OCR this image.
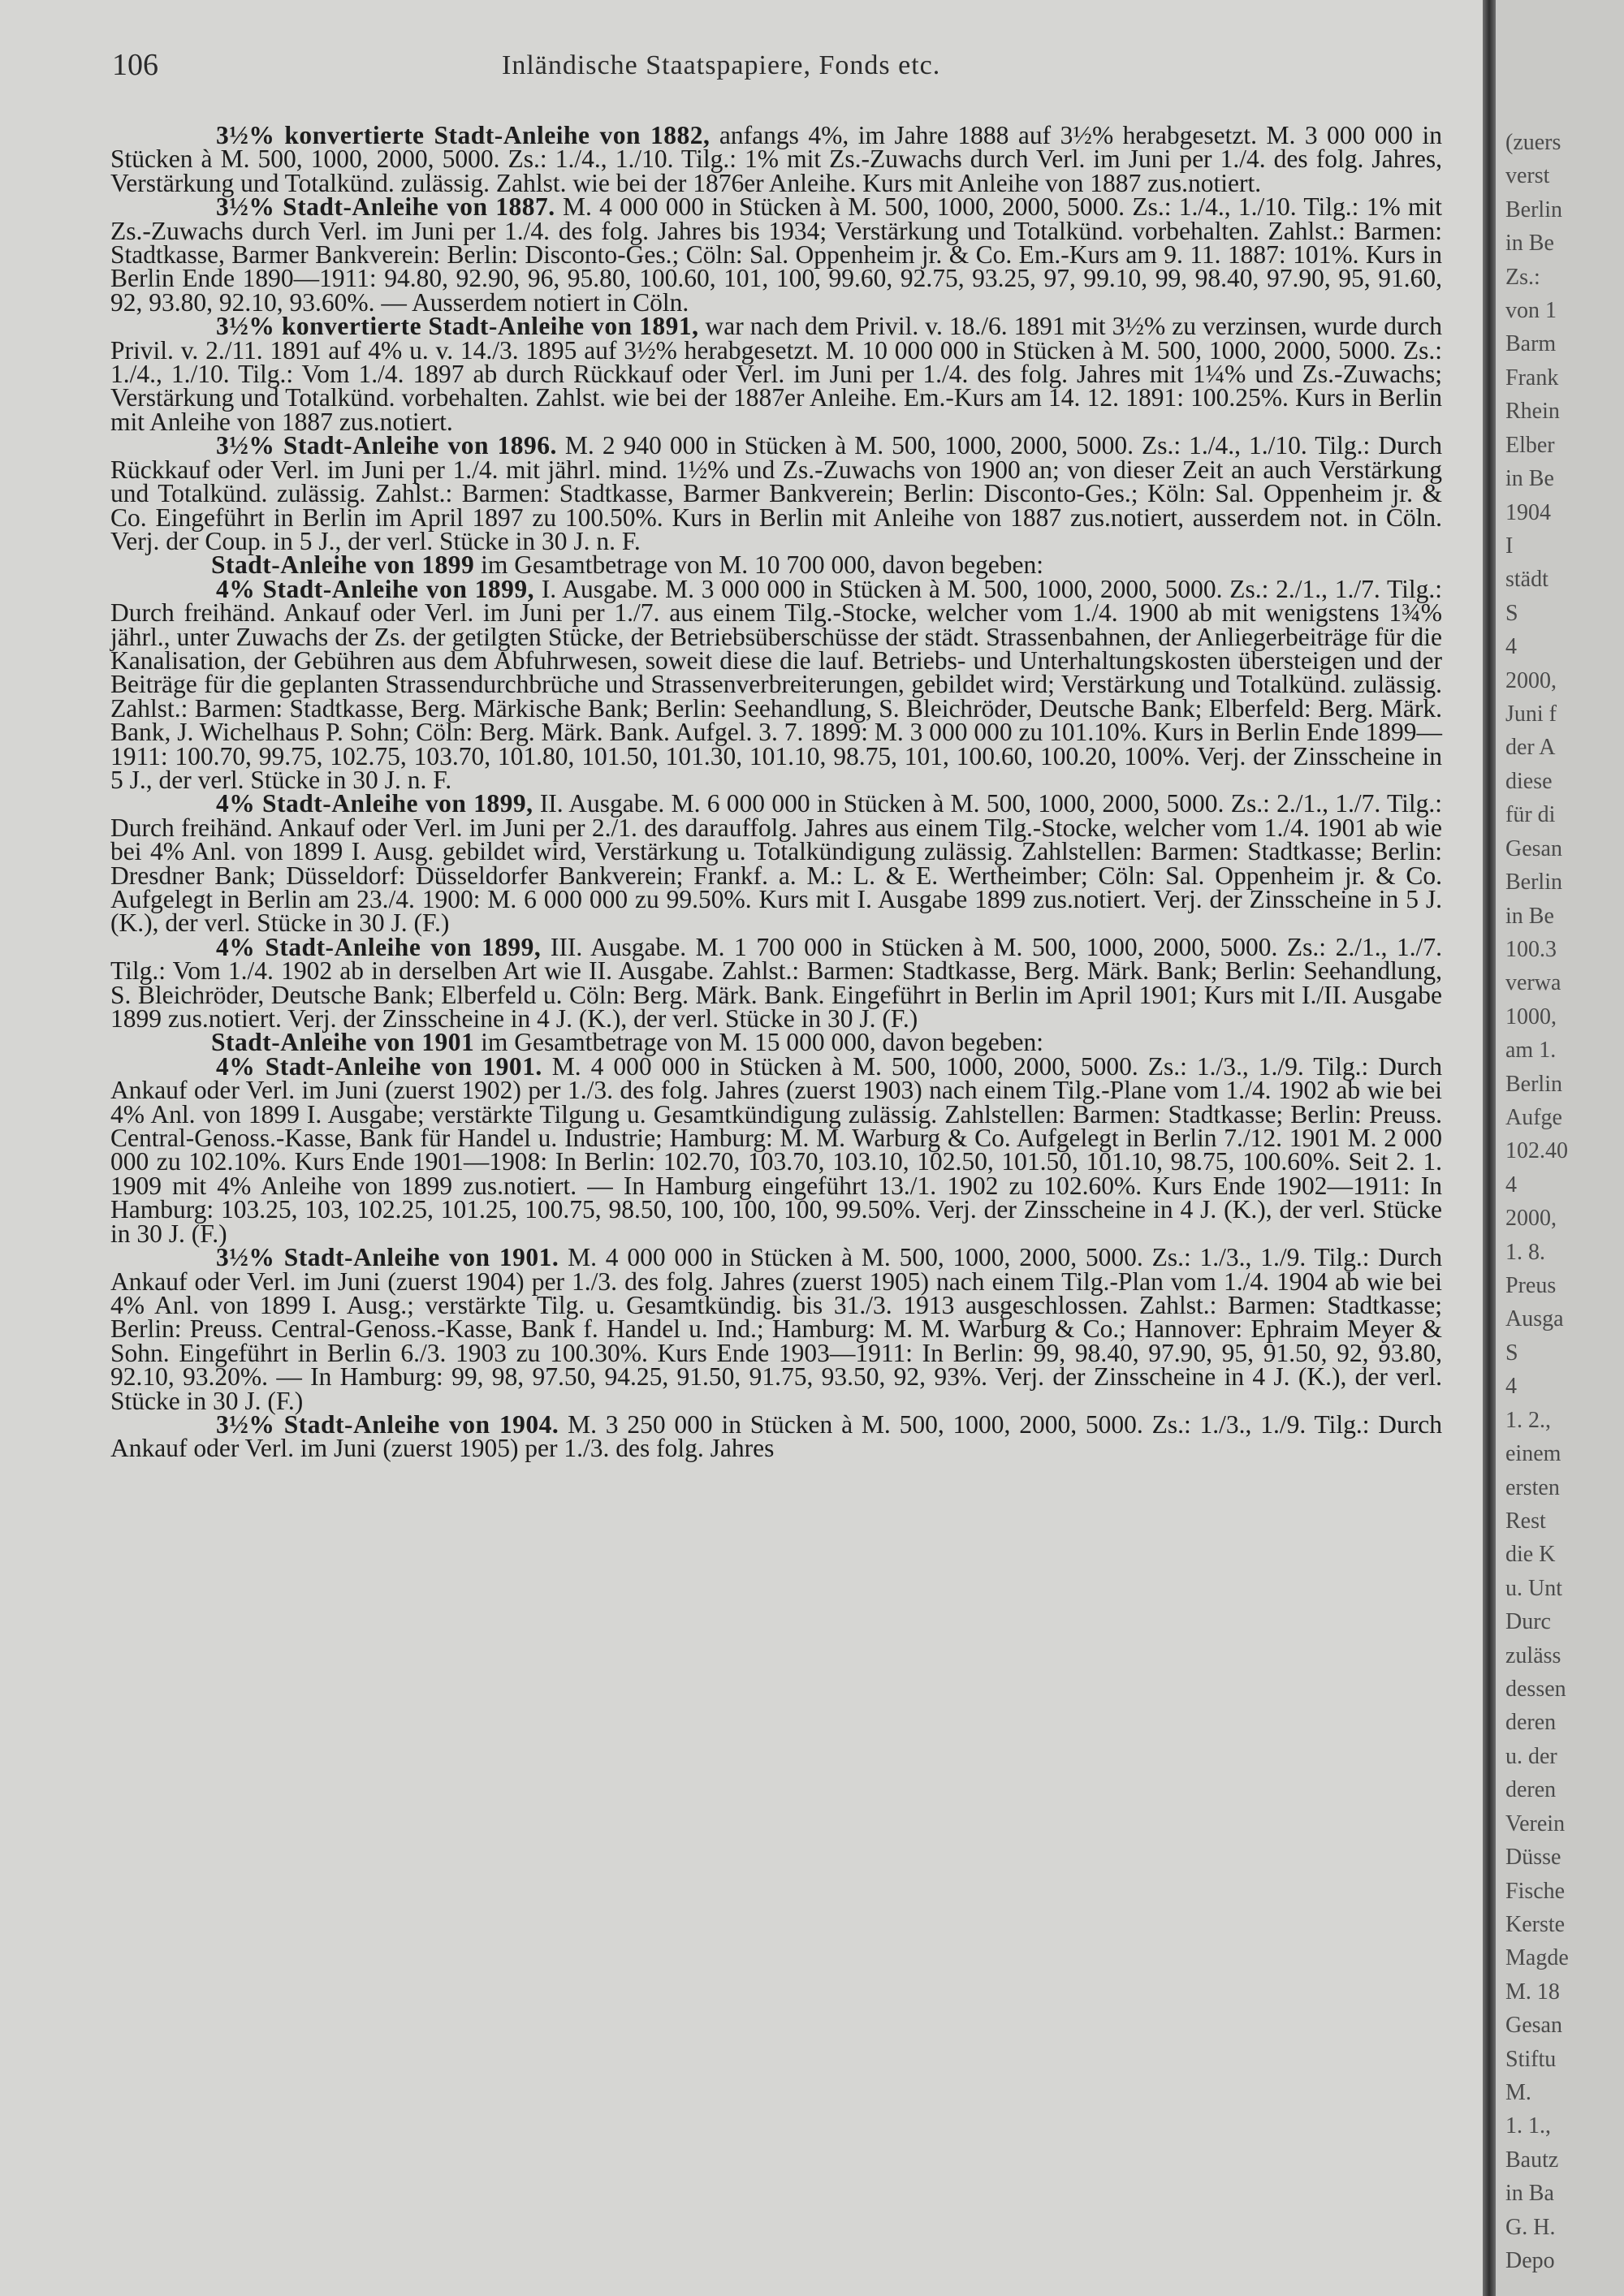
106	Inländische Staatspapiere, Fonds etc.

3½% konvertierte Stadt-Anleihe von 1882, anfangs 4%, im Jahre 1888 auf 3½% herabgesetzt. M. 3 000 000 in Stücken à M. 500, 1000, 2000, 5000. Zs.: 1./4., 1./10. Tilg.: 1% mit Zs.-Zuwachs durch Verl. im Juni per 1./4. des folg. Jahres, Verstärkung und Totalkünd. zulässig. Zahlst. wie bei der 1876er Anleihe. Kurs mit Anleihe von 1887 zus.notiert.

3½% Stadt-Anleihe von 1887. M. 4 000 000 in Stücken à M. 500, 1000, 2000, 5000. Zs.: 1./4., 1./10. Tilg.: 1% mit Zs.-Zuwachs durch Verl. im Juni per 1./4. des folg. Jahres bis 1934; Verstärkung und Totalkünd. vorbehalten. Zahlst.: Barmen: Stadtkasse, Barmer Bankverein: Berlin: Disconto-Ges.; Cöln: Sal. Oppenheim jr. & Co. Em.-Kurs am 9. 11. 1887: 101%. Kurs in Berlin Ende 1890—1911: 94.80, 92.90, 96, 95.80, 100.60, 101, 100, 99.60, 92.75, 93.25, 97, 99.10, 99, 98.40, 97.90, 95, 91.60, 92, 93.80, 92.10, 93.60%. — Ausserdem notiert in Cöln.

3½% konvertierte Stadt-Anleihe von 1891, war nach dem Privil. v. 18./6. 1891 mit 3½% zu verzinsen, wurde durch Privil. v. 2./11. 1891 auf 4% u. v. 14./3. 1895 auf 3½% herabgesetzt. M. 10 000 000 in Stücken à M. 500, 1000, 2000, 5000. Zs.: 1./4., 1./10. Tilg.: Vom 1./4. 1897 ab durch Rückkauf oder Verl. im Juni per 1./4. des folg. Jahres mit 1¼% und Zs.-Zuwachs; Verstärkung und Totalkünd. vorbehalten. Zahlst. wie bei der 1887er Anleihe. Em.-Kurs am 14. 12. 1891: 100.25%. Kurs in Berlin mit Anleihe von 1887 zus.notiert.

3½% Stadt-Anleihe von 1896. M. 2 940 000 in Stücken à M. 500, 1000, 2000, 5000. Zs.: 1./4., 1./10. Tilg.: Durch Rückkauf oder Verl. im Juni per 1./4. mit jährl. mind. 1½% und Zs.-Zuwachs von 1900 an; von dieser Zeit an auch Verstärkung und Totalkünd. zulässig. Zahlst.: Barmen: Stadtkasse, Barmer Bankverein; Berlin: Disconto-Ges.; Köln: Sal. Oppenheim jr. & Co. Eingeführt in Berlin im April 1897 zu 100.50%. Kurs in Berlin mit Anleihe von 1887 zus.notiert, ausserdem not. in Cöln. Verj. der Coup. in 5 J., der verl. Stücke in 30 J. n. F.

Stadt-Anleihe von 1899 im Gesamtbetrage von M. 10 700 000, davon begeben:

4% Stadt-Anleihe von 1899, I. Ausgabe. M. 3 000 000 in Stücken à M. 500, 1000, 2000, 5000. Zs.: 2./1., 1./7. Tilg.: Durch freihänd. Ankauf oder Verl. im Juni per 1./7. aus einem Tilg.-Stocke, welcher vom 1./4. 1900 ab mit wenigstens 1¾% jährl., unter Zuwachs der Zs. der getilgten Stücke, der Betriebsüberschüsse der städt. Strassenbahnen, der Anliegerbeiträge für die Kanalisation, der Gebühren aus dem Abfuhrwesen, soweit diese die lauf. Betriebs- und Unterhaltungskosten übersteigen und der Beiträge für die geplanten Strassendurchbrüche und Strassenverbreiterungen, gebildet wird; Verstärkung und Totalkünd. zulässig. Zahlst.: Barmen: Stadtkasse, Berg. Märkische Bank; Berlin: Seehandlung, S. Bleichröder, Deutsche Bank; Elberfeld: Berg. Märk. Bank, J. Wichelhaus P. Sohn; Cöln: Berg. Märk. Bank. Aufgel. 3. 7. 1899: M. 3 000 000 zu 101.10%. Kurs in Berlin Ende 1899—1911: 100.70, 99.75, 102.75, 103.70, 101.80, 101.50, 101.30, 101.10, 98.75, 101, 100.60, 100.20, 100%. Verj. der Zinsscheine in 5 J., der verl. Stücke in 30 J. n. F.

4% Stadt-Anleihe von 1899, II. Ausgabe. M. 6 000 000 in Stücken à M. 500, 1000, 2000, 5000. Zs.: 2./1., 1./7. Tilg.: Durch freihänd. Ankauf oder Verl. im Juni per 2./1. des darauffolg. Jahres aus einem Tilg.-Stocke, welcher vom 1./4. 1901 ab wie bei 4% Anl. von 1899 I. Ausg. gebildet wird, Verstärkung u. Totalkündigung zulässig. Zahlstellen: Barmen: Stadtkasse; Berlin: Dresdner Bank; Düsseldorf: Düsseldorfer Bankverein; Frankf. a. M.: L. & E. Wertheimber; Cöln: Sal. Oppenheim jr. & Co. Aufgelegt in Berlin am 23./4. 1900: M. 6 000 000 zu 99.50%. Kurs mit I. Ausgabe 1899 zus.notiert. Verj. der Zinsscheine in 5 J. (K.), der verl. Stücke in 30 J. (F.)

4% Stadt-Anleihe von 1899, III. Ausgabe. M. 1 700 000 in Stücken à M. 500, 1000, 2000, 5000. Zs.: 2./1., 1./7. Tilg.: Vom 1./4. 1902 ab in derselben Art wie II. Ausgabe. Zahlst.: Barmen: Stadtkasse, Berg. Märk. Bank; Berlin: Seehandlung, S. Bleichröder, Deutsche Bank; Elberfeld u. Cöln: Berg. Märk. Bank. Eingeführt in Berlin im April 1901; Kurs mit I./II. Ausgabe 1899 zus.notiert. Verj. der Zinsscheine in 4 J. (K.), der verl. Stücke in 30 J. (F.)

Stadt-Anleihe von 1901 im Gesamtbetrage von M. 15 000 000, davon begeben:

4% Stadt-Anleihe von 1901. M. 4 000 000 in Stücken à M. 500, 1000, 2000, 5000. Zs.: 1./3., 1./9. Tilg.: Durch Ankauf oder Verl. im Juni (zuerst 1902) per 1./3. des folg. Jahres (zuerst 1903) nach einem Tilg.-Plane vom 1./4. 1902 ab wie bei 4% Anl. von 1899 I. Ausgabe; verstärkte Tilgung u. Gesamtkündigung zulässig. Zahlstellen: Barmen: Stadtkasse; Berlin: Preuss. Central-Genoss.-Kasse, Bank für Handel u. Industrie; Hamburg: M. M. Warburg & Co. Aufgelegt in Berlin 7./12. 1901 M. 2 000 000 zu 102.10%. Kurs Ende 1901—1908: In Berlin: 102.70, 103.70, 103.10, 102.50, 101.50, 101.10, 98.75, 100.60%. Seit 2. 1. 1909 mit 4% Anleihe von 1899 zus.notiert. — In Hamburg eingeführt 13./1. 1902 zu 102.60%. Kurs Ende 1902—1911: In Hamburg: 103.25, 103, 102.25, 101.25, 100.75, 98.50, 100, 100, 100, 99.50%. Verj. der Zinsscheine in 4 J. (K.), der verl. Stücke in 30 J. (F.)

3½% Stadt-Anleihe von 1901. M. 4 000 000 in Stücken à M. 500, 1000, 2000, 5000. Zs.: 1./3., 1./9. Tilg.: Durch Ankauf oder Verl. im Juni (zuerst 1904) per 1./3. des folg. Jahres (zuerst 1905) nach einem Tilg.-Plan vom 1./4. 1904 ab wie bei 4% Anl. von 1899 I. Ausg.; verstärkte Tilg. u. Gesamtkündig. bis 31./3. 1913 ausgeschlossen. Zahlst.: Barmen: Stadtkasse; Berlin: Preuss. Central-Genoss.-Kasse, Bank f. Handel u. Ind.; Hamburg: M. M. Warburg & Co.; Hannover: Ephraim Meyer & Sohn. Eingeführt in Berlin 6./3. 1903 zu 100.30%. Kurs Ende 1903—1911: In Berlin: 99, 98.40, 97.90, 95, 91.50, 92, 93.80, 92.10, 93.20%. — In Hamburg: 99, 98, 97.50, 94.25, 91.50, 91.75, 93.50, 92, 93%. Verj. der Zinsscheine in 4 J. (K.), der verl. Stücke in 30 J. (F.)

3½% Stadt-Anleihe von 1904. M. 3 250 000 in Stücken à M. 500, 1000, 2000, 5000. Zs.: 1./3., 1./9. Tilg.: Durch Ankauf oder Verl. im Juni (zuerst 1905) per 1./3. des folg. Jahres

(zuers
verst
Berlin
in Be
Zs.:
von 1
Barm
Frank
Rhein
Elber
in Be
1904
I
städt
S
4
2000,
Juni f
der A
diese
für di
Gesan
Berlin
in Be
100.3
verwa
1000,
am 1.
Berlin
Aufge
102.40
4
2000,
1. 8.
Preus
Ausga
S
4
1. 2.,
einem
ersten
Rest
die K
u. Unt
Durc
zuläss
dessen
deren
u. der
deren
Verein
Düsse
Fische
Kerste
Magde
M. 18
Gesan
Stiftu
M.
1. 1.,
Bautz
in Ba
G. H.
Depo
